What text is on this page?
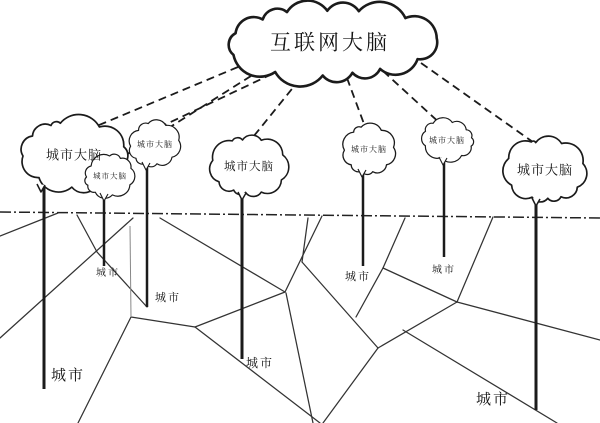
互联网大脑
城市大脑
城市大脑
城市大脑
城市大脑
城市大脑
城市大脑
城市大脑
城市
城市
城市
城市
城市	城市
城市
